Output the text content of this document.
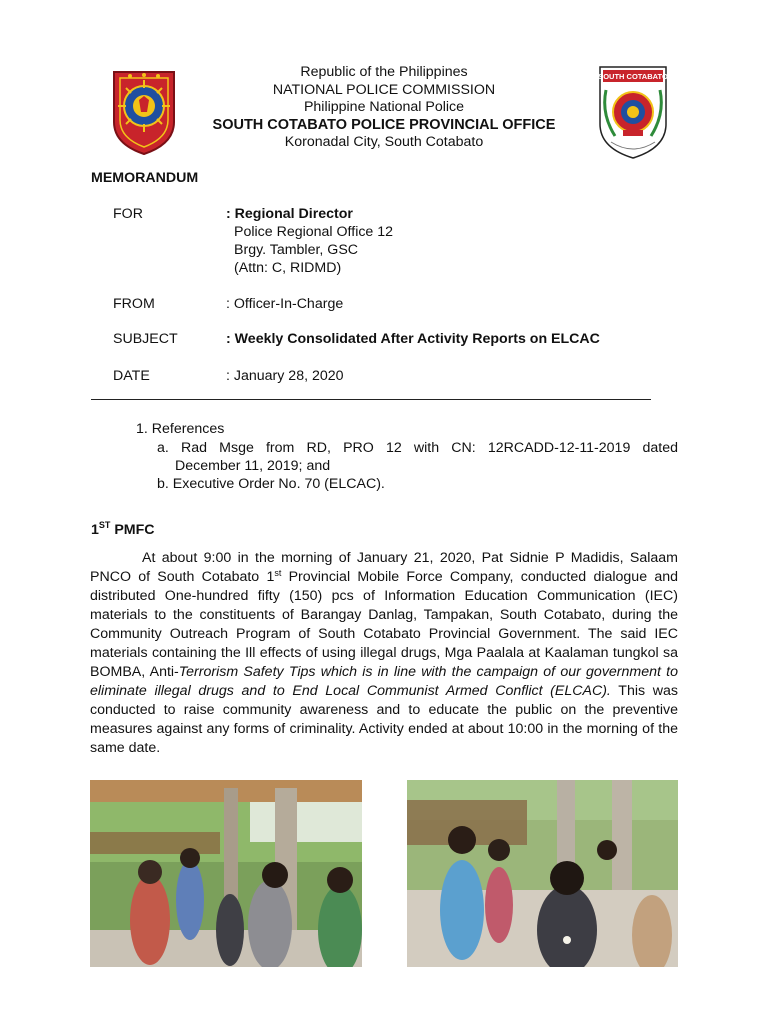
SOUTH COTABATO
Republic of the Philippines
NATIONAL POLICE COMMISSION
Philippine National Police
SOUTH COTABATO POLICE PROVINCIAL OFFICE
Koronadal City, South Cotabato
MEMORANDUM
FOR	: Regional Director
Police Regional Office 12
Brgy. Tambler, GSC
(Attn: C, RIDMD)
FROM	: Officer-In-Charge
SUBJECT	: Weekly Consolidated After Activity Reports on ELCAC
DATE	: January 28, 2020
1. References
a. Rad Msge from RD, PRO 12 with CN: 12RCADD-12-11-2019 dated
December 11, 2019; and
b. Executive Order No. 70 (ELCAC).
1ST PMFC
At about 9:00 in the morning of January 21, 2020, Pat Sidnie P Madidis, Salaam PNCO of South Cotabato 1st Provincial Mobile Force Company, conducted dialogue and distributed One-hundred fifty (150) pcs of Information Education Communication (IEC) materials to the constituents of Barangay Danlag, Tampakan, South Cotabato, during the Community Outreach Program of South Cotabato Provincial Government. The said IEC materials containing the Ill effects of using illegal drugs, Mga Paalala at Kaalaman tungkol sa BOMBA, Anti-Terrorism Safety Tips which is in line with the campaign of our government to eliminate illegal drugs and to End Local Communist Armed Conflict (ELCAC). This was conducted to raise community awareness and to educate the public on the preventive measures against any forms of criminality. Activity ended at about 10:00 in the morning of the same date.
